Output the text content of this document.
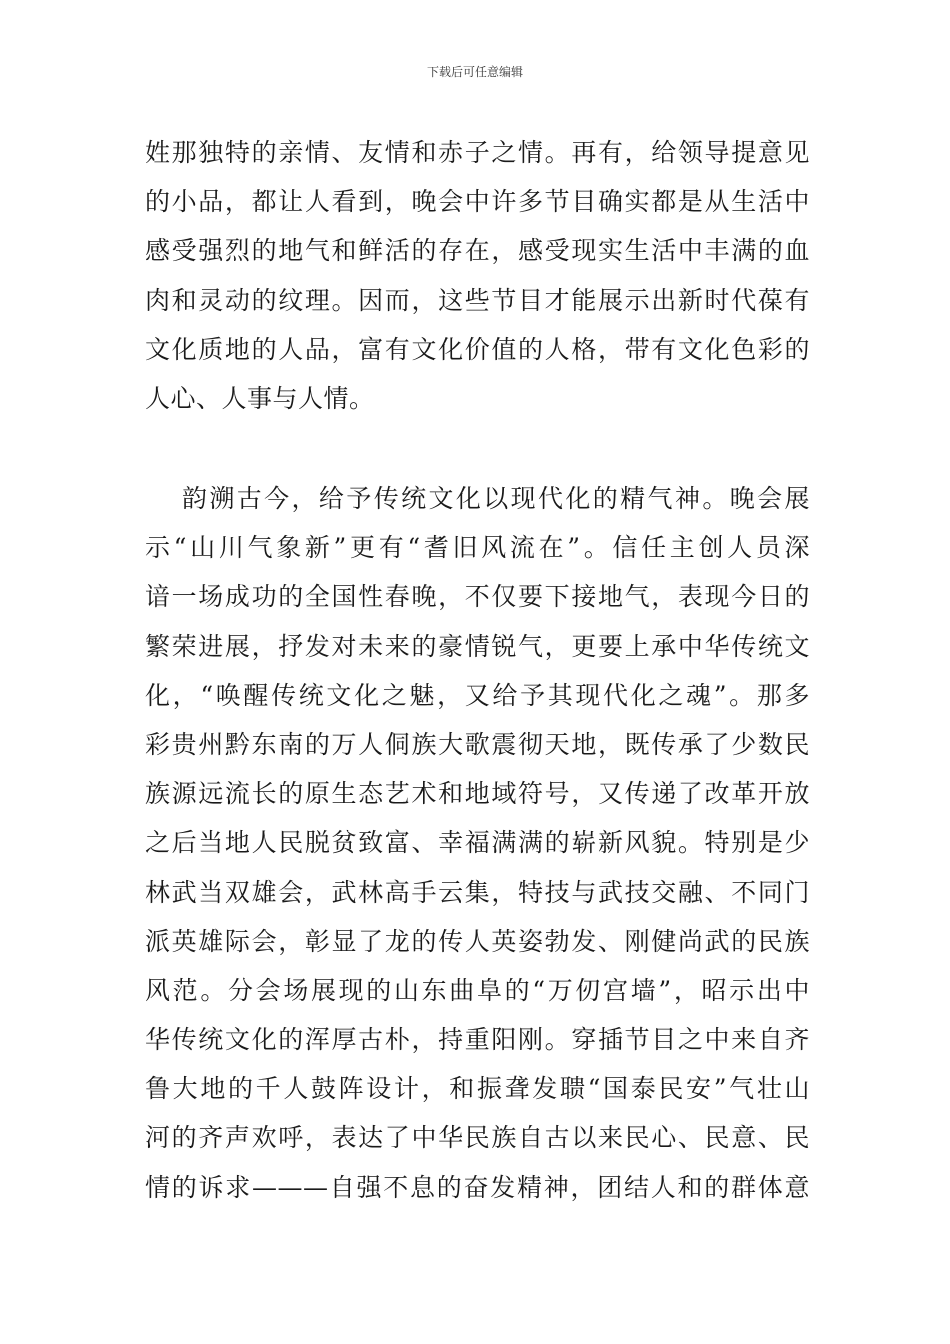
下载后可任意编辑
姓那独特的亲情、友情和赤子之情。再有，给领导提意见
的小品，都让人看到，晚会中许多节目确实都是从生活中
感受强烈的地气和鲜活的存在，感受现实生活中丰满的血
肉和灵动的纹理。因而，这些节目才能展示出新时代葆有
文化质地的人品，富有文化价值的人格，带有文化色彩的
人心、人事与人情。
韵溯古今，给予传统文化以现代化的精气神。晚会展
示“山川气象新”更有“耆旧风流在”。信任主创人员深
谙一场成功的全国性春晚，不仅要下接地气，表现今日的
繁荣进展，抒发对未来的豪情锐气，更要上承中华传统文
化，“唤醒传统文化之魅，又给予其现代化之魂”。那多
彩贵州黔东南的万人侗族大歌震彻天地，既传承了少数民
族源远流长的原生态艺术和地域符号，又传递了改革开放
之后当地人民脱贫致富、幸福满满的崭新风貌。特别是少
林武当双雄会，武林高手云集，特技与武技交融、不同门
派英雄际会，彰显了龙的传人英姿勃发、刚健尚武的民族
风范。分会场展现的山东曲阜的“万仞宫墙”，昭示出中
华传统文化的浑厚古朴，持重阳刚。穿插节目之中来自齐
鲁大地的千人鼓阵设计，和振聋发聩“国泰民安”气壮山
河的齐声欢呼，表达了中华民族自古以来民心、民意、民
情的诉求———自强不息的奋发精神，团结人和的群体意
